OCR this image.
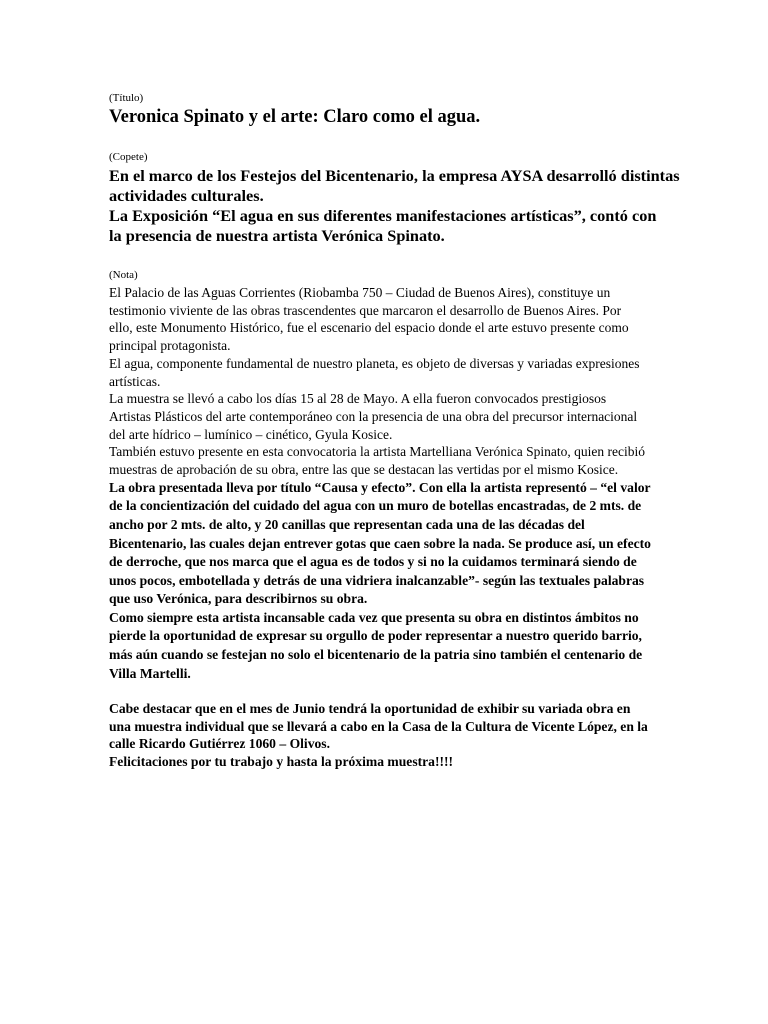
(Título)

Veronica Spinato y el arte: Claro como el agua.

(Copete)

En el marco de los Festejos del Bicentenario, la empresa AYSA desarrolló distintas

actividades culturales.

La Exposición “El agua en sus diferentes manifestaciones artísticas”, contó con

la presencia de nuestra artista Verónica Spinato.

(Nota)

El Palacio de las Aguas Corrientes (Riobamba 750 – Ciudad de Buenos Aires), constituye un

testimonio viviente de las obras trascendentes que marcaron el desarrollo de Buenos Aires. Por

ello, este Monumento Histórico, fue el escenario del espacio donde el arte estuvo presente como

principal protagonista.

El agua, componente fundamental de nuestro planeta, es objeto de diversas y variadas expresiones

artísticas.

La muestra se llevó a cabo los días 15 al 28 de Mayo. A ella fueron convocados prestigiosos

Artistas Plásticos del arte contemporáneo con la presencia de una obra del precursor internacional

del arte hídrico – lumínico – cinético, Gyula Kosice.

También estuvo presente en esta convocatoria la artista Martelliana Verónica Spinato, quien recibió

muestras de aprobación de su obra, entre las que se destacan las vertidas por el mismo Kosice.

La obra presentada lleva por título “Causa y efecto”. Con ella la artista representó – “el valor

de la concientización del cuidado del agua con un muro de botellas encastradas, de 2 mts. de

ancho por 2 mts. de alto, y 20 canillas que representan cada una de las décadas del

Bicentenario, las cuales dejan entrever gotas que caen sobre la nada. Se produce así, un efecto

de derroche, que nos marca que el agua es de todos y si no la cuidamos terminará siendo de

unos pocos, embotellada y detrás de una vidriera inalcanzable”- según las textuales palabras

que uso Verónica, para describirnos su obra.

Como siempre esta artista incansable cada vez que presenta su obra en distintos ámbitos no

pierde la oportunidad de expresar su orgullo de poder representar a nuestro querido barrio,

más aún cuando se festejan no solo el bicentenario de la patria sino también el centenario de

Villa Martelli.

Cabe destacar que en el mes de Junio tendrá la oportunidad de exhibir su variada obra en

una muestra individual que se llevará a cabo en la Casa de la Cultura de Vicente López, en la

calle Ricardo Gutiérrez 1060 – Olivos.

Felicitaciones por tu trabajo y hasta la próxima muestra!!!!
